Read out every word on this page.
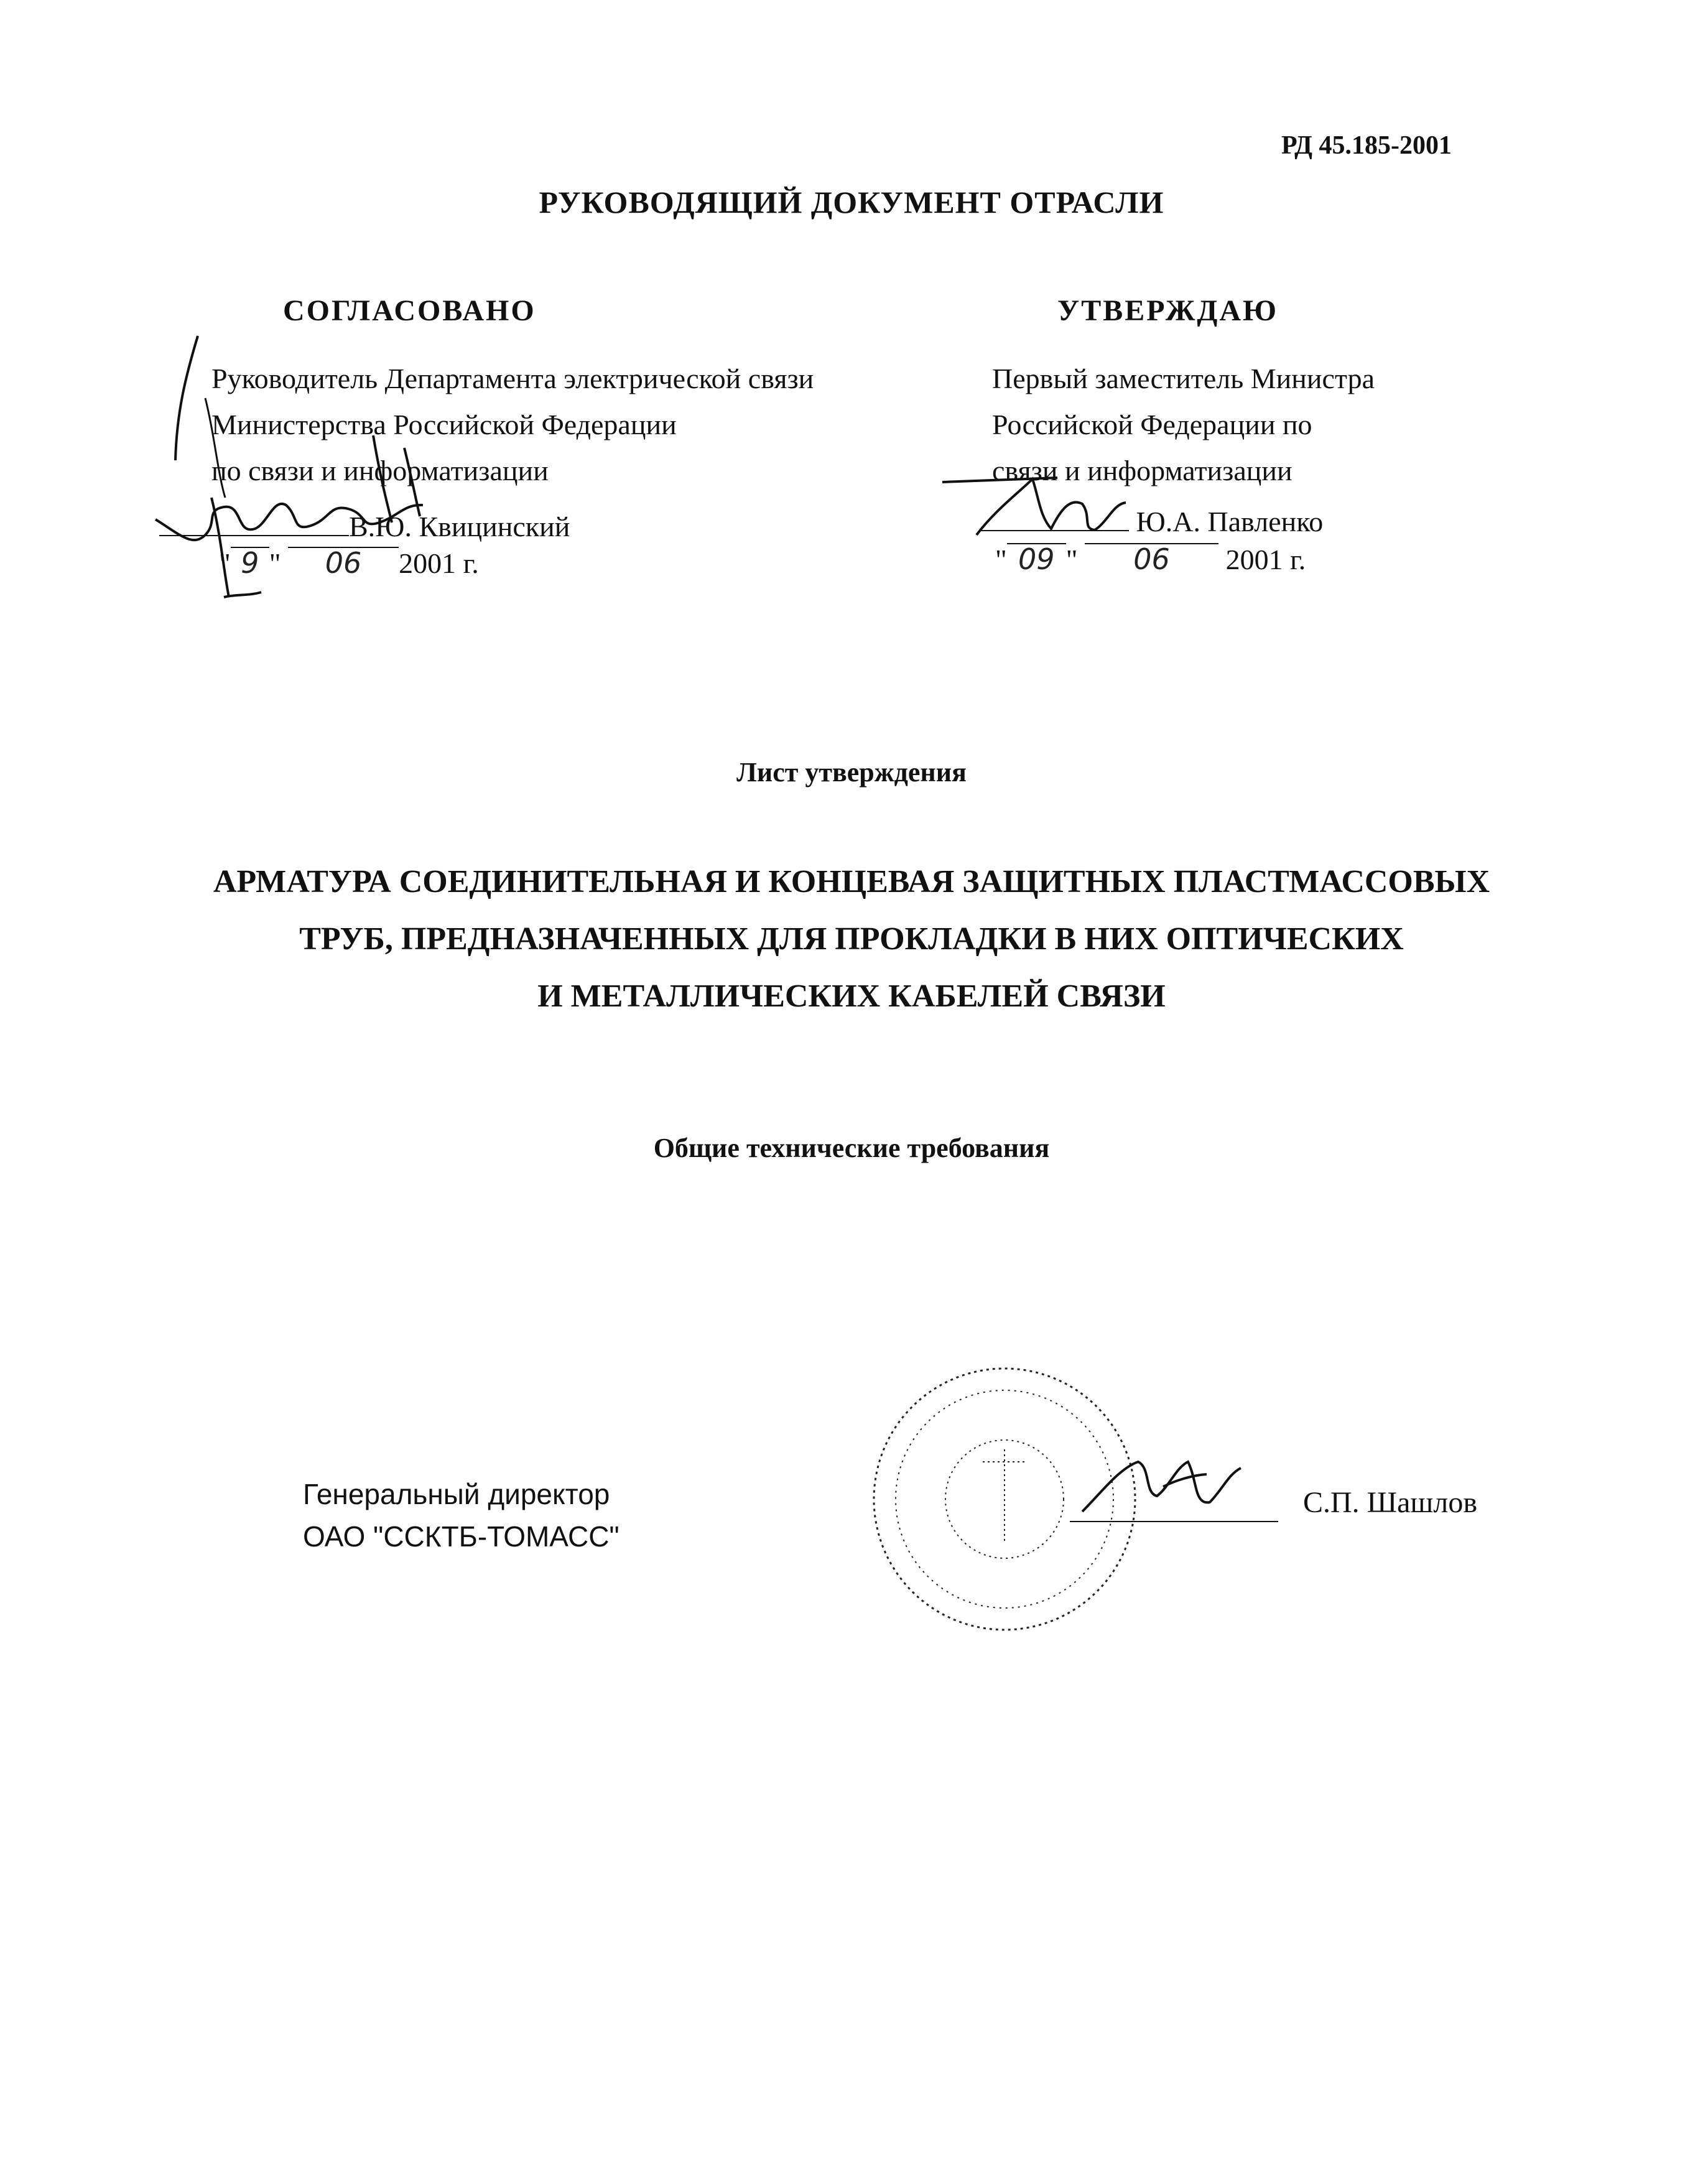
РД 45.185-2001
РУКОВОДЯЩИЙ ДОКУМЕНТ ОТРАСЛИ
СОГЛАСОВАНО
Руководитель Департамента электрической связи
Министерства Российской Федерации
по связи и информатизации
В.Ю. Квицинский
" 9 " 06 2001 г.
УТВЕРЖДАЮ
Первый заместитель Министра
Российской Федерации по
связи и информатизации
Ю.А. Павленко
" 09 " 06 2001 г.
Лист утверждения
АРМАТУРА СОЕДИНИТЕЛЬНАЯ И КОНЦЕВАЯ ЗАЩИТНЫХ ПЛАСТМАССОВЫХ
ТРУБ, ПРЕДНАЗНАЧЕННЫХ ДЛЯ ПРОКЛАДКИ В НИХ ОПТИЧЕСКИХ
И МЕТАЛЛИЧЕСКИХ КАБЕЛЕЙ СВЯЗИ
Общие технические требования
Генеральный директор
ОАО "ССКТБ-ТОМАСС"
С.П. Шашлов
